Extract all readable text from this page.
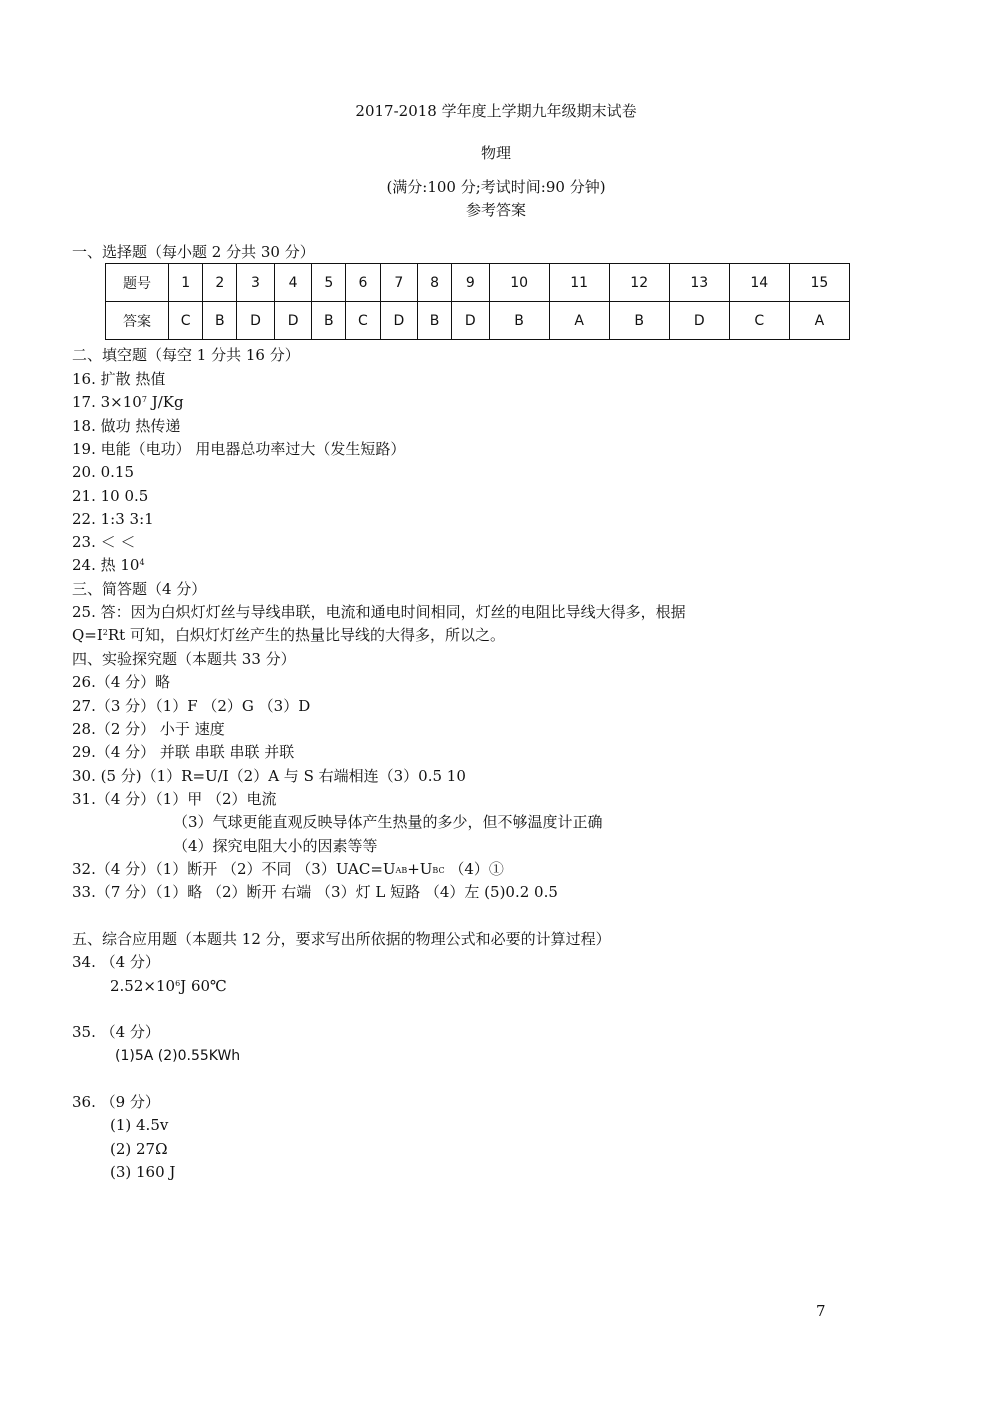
2017-2018 学年度上学期九年级期末试卷
物理
(满分:100 分;考试时间:90 分钟)
参考答案
一、选择题（每小题 2 分共 30 分）
题号	1	2	3	4	5	6	7	8	9	10	11	12	13	14	15
答案	C	B	D	D	B	C	D	B	D	B	A	B	D	C	A
二、填空题（每空 1 分共 16 分）
16. 扩散 热值
17. $3\times 10^7$ J/Kg
18. 做功 热传递
19. 电能（电功） 用电器总功率过大（发生短路）
20. 0.15
21. 10 0.5
22. 1:3 3:1
23. ＜ ＜
24. 热 $10^4$
三、简答题（4 分）
25. 答：因为白炽灯灯丝与导线串联，电流和通电时间相同，灯丝的电阻比导线大得多，根据
$Q=I^2Rt$ 可知，白炽灯灯丝产生的热量比导线的大得多，所以之。
四、实验探究题（本题共 33 分）
26.（4 分）略
27.（3 分）（1）F （2）G （3）D
28.（2 分） 小于 速度
29.（4 分） 并联 串联 串联 并联
30. (5 分)（1）R=U/I（2）A 与 S 右端相连（3）0.5 10
31.（4 分）（1）甲 （2）电流
（3）气球更能直观反映导体产生热量的多少，但不够温度计正确
（4）探究电阻大小的因素等等
32.（4 分）（1）断开 （2）不同 $(3)UAC=U_{AB}+U_{BC}$ （4）①
33.（7 分）（1）略 （2）断开 右端 （3）灯 L 短路 （4）左 (5)0.2 0.5
五、综合应用题（本题共 12 分，要求写出所依据的物理公式和必要的计算过程）
34. （4 分）
$2.52\times 10^6J$ 60℃
35. （4 分）
(1)5A (2)0.55KWh
36. （9 分）
(1) 4.5v
(2) 27Ω
(3) 160 J
7
